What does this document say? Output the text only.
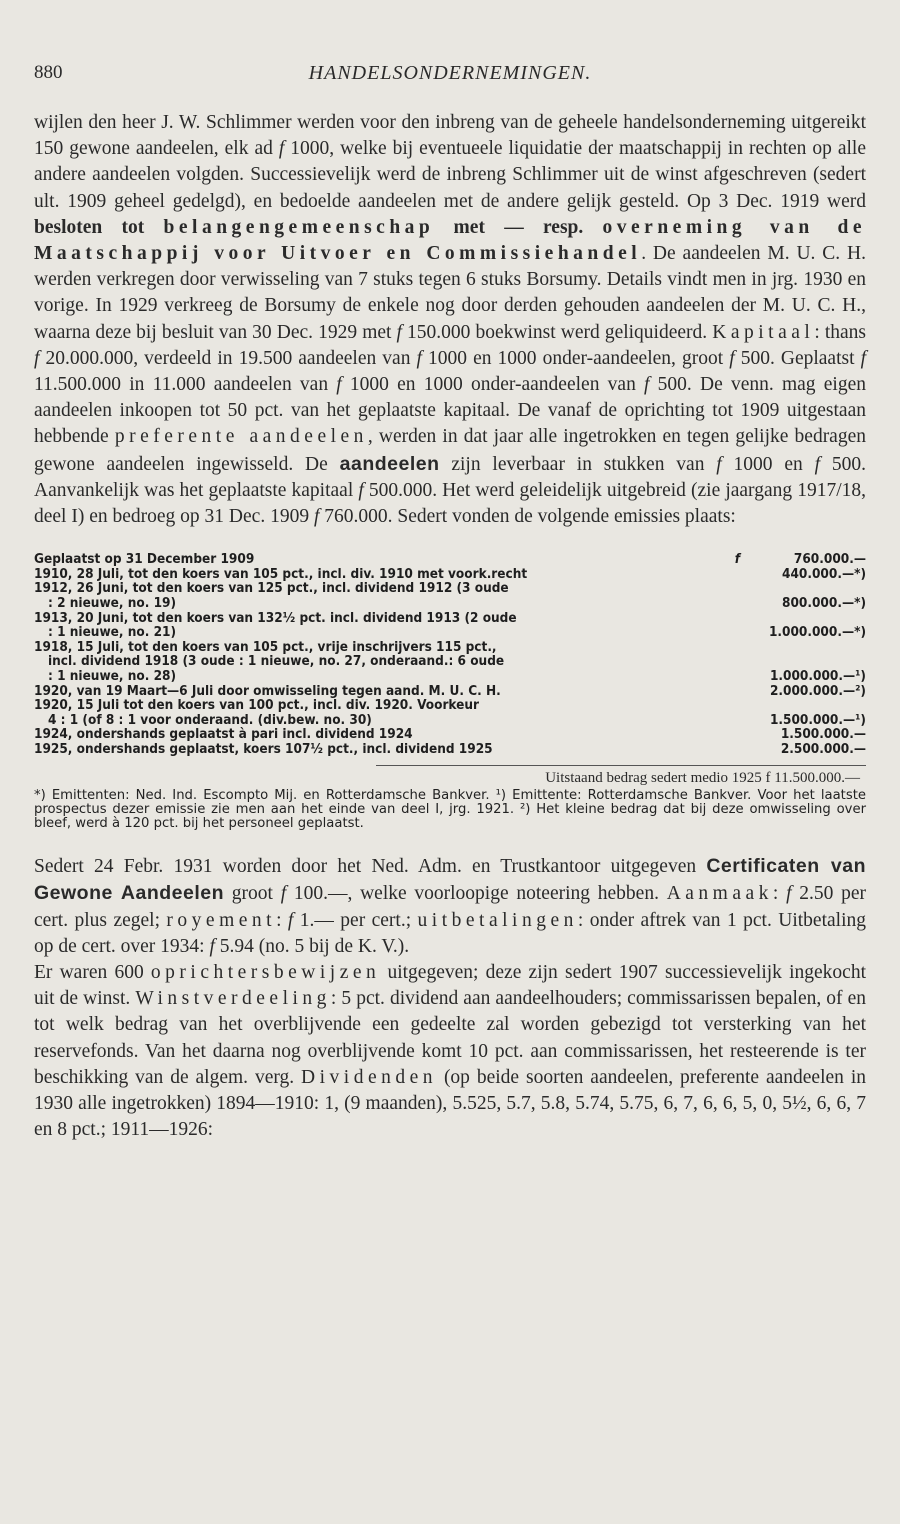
880	HANDELSONDERNEMINGEN.

wijlen den heer J. W. Schlimmer werden voor den inbreng van de geheele handelsonderneming uitgereikt 150 gewone aandeelen, elk ad f 1000, welke bij eventueele liquidatie der maatschappij in rechten op alle andere aandeelen volgden. Successievelijk werd de inbreng Schlimmer uit de winst afgeschreven (sedert ult. 1909 geheel gedelgd), en bedoelde aandeelen met de andere gelijk gesteld. Op 3 Dec. 1919 werd besloten tot belangengemeenschap met — resp. overneming van de Maatschappij voor Uitvoer en Commissiehandel. De aandeelen M. U. C. H. werden verkregen door verwisseling van 7 stuks tegen 6 stuks Borsumy. Details vindt men in jrg. 1930 en vorige. In 1929 verkreeg de Borsumy de enkele nog door derden gehouden aandeelen der M. U. C. H., waarna deze bij besluit van 30 Dec. 1929 met f 150.000 boekwinst werd geliquideerd. Kapitaal: thans f 20.000.000, verdeeld in 19.500 aandeelen van f 1000 en 1000 onder-aandeelen, groot f 500. Geplaatst f 11.500.000 in 11.000 aandeelen van f 1000 en 1000 onder-aandeelen van f 500. De venn. mag eigen aandeelen inkoopen tot 50 pct. van het geplaatste kapitaal. De vanaf de oprichting tot 1909 uitgestaan hebbende preferente aandeelen, werden in dat jaar alle ingetrokken en tegen gelijke bedragen gewone aandeelen ingewisseld. De aandeelen zijn leverbaar in stukken van f 1000 en f 500. Aanvankelijk was het geplaatste kapitaal f 500.000. Het werd geleidelijk uitgebreid (zie jaargang 1917/18, deel I) en bedroeg op 31 Dec. 1909 f 760.000. Sedert vonden de volgende emissies plaats:

Geplaatst op 31 December 1909	f	760.000.—
1910, 28 Juli, tot den koers van 105 pct., incl. div. 1910 met voork.recht	440.000.—*)
1912, 26 Juni, tot den koers van 125 pct., incl. dividend 1912 (3 oude
: 2 nieuwe, no. 19)	800.000.—*)
1913, 20 Juni, tot den koers van 132½ pct. incl. dividend 1913 (2 oude
: 1 nieuwe, no. 21)	1.000.000.—*)
1918, 15 Juli, tot den koers van 105 pct., vrije inschrijvers 115 pct.,
incl. dividend 1918 (3 oude : 1 nieuwe, no. 27, onderaand.: 6 oude
: 1 nieuwe, no. 28)	1.000.000.—¹)
1920, van 19 Maart—6 Juli door omwisseling tegen aand. M. U. C. H.	2.000.000.—²)
1920, 15 Juli tot den koers van 100 pct., incl. div. 1920. Voorkeur
4 : 1 (of 8 : 1 voor onderaand. (div.bew. no. 30)	1.500.000.—¹)
1924, ondershands geplaatst à pari incl. dividend 1924	1.500.000.—
1925, ondershands geplaatst, koers 107½ pct., incl. dividend 1925	2.500.000.—
Uitstaand bedrag sedert medio 1925 f 11.500.000.—
*) Emittenten: Ned. Ind. Escompto Mij. en Rotterdamsche Bankver. ¹) Emittente: Rotterdamsche Bankver. Voor het laatste prospectus dezer emissie zie men aan het einde van deel I, jrg. 1921. ²) Het kleine bedrag dat bij deze omwisseling over bleef, werd à 120 pct. bij het personeel geplaatst.

Sedert 24 Febr. 1931 worden door het Ned. Adm. en Trustkantoor uitgegeven Certificaten van Gewone Aandeelen groot f 100.—, welke voorloopige noteering hebben. Aanmaak: f 2.50 per cert. plus zegel; royement: f 1.— per cert.; uitbetalingen: onder aftrek van 1 pct. Uitbetaling op de cert. over 1934: f 5.94 (no. 5 bij de K. V.).

Er waren 600 oprichtersbewijzen uitgegeven; deze zijn sedert 1907 successievelijk ingekocht uit de winst. Winstverdeeling: 5 pct. dividend aan aandeelhouders; commissarissen bepalen, of en tot welk bedrag van het overblijvende een gedeelte zal worden gebezigd tot versterking van het reservefonds. Van het daarna nog overblijvende komt 10 pct. aan commissarissen, het resteerende is ter beschikking van de algem. verg. Dividenden (op beide soorten aandeelen, preferente aandeelen in 1930 alle ingetrokken) 1894—1910: 1, (9 maanden), 5.525, 5.7, 5.8, 5.74, 5.75, 6, 7, 6, 6, 5, 0, 5½, 6, 6, 7 en 8 pct.; 1911—1926:
